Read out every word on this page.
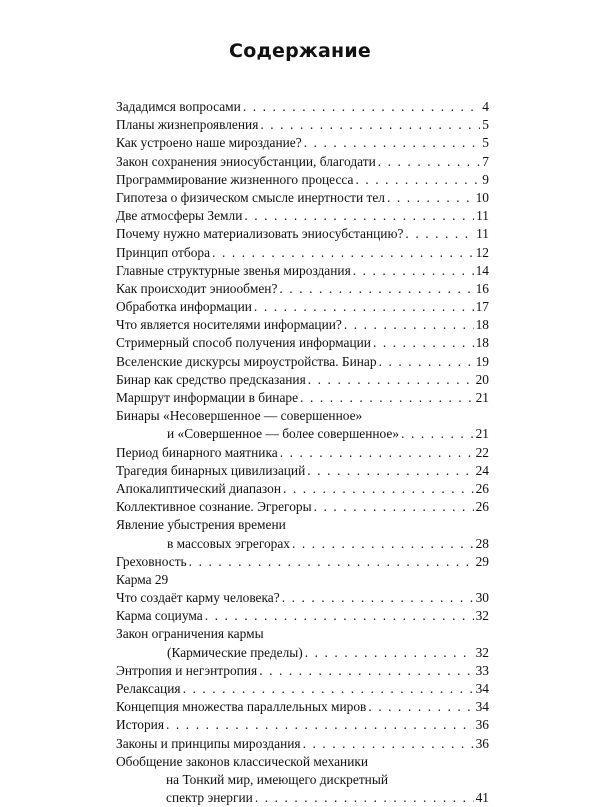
Содержание
Зададимся вопросами . . .	4
Планы жизнепроявления . . .	5
Как устроено наше мироздание? . . .	5
Закон сохранения эниосубстанции, благодати . . .	7
Программирование жизненного процесса . . .	9
Гипотеза о физическом смысле инертности тел . . .	10
Две атмосферы Земли . . .	11
Почему нужно материализовать эниосубстанцию? . . .	11
Принцип отбора . . .	12
Главные структурные звенья мироздания . . .	14
Как происходит эниообмен? . . .	16
Обработка информации . . .	17
Что является носителями информации? . . .	18
Стримерный способ получения информации . . .	18
Вселенские дискурсы мироустройства. Бинар . . .	19
Бинар как средство предсказания . . .	20
Маршрут информации в бинаре . . .	21
Бинары «Несовершенное — совершенное»
и «Совершенное — более совершенное» . . .	21
Период бинарного маятника . . .	22
Трагедия бинарных цивилизаций . . .	24
Апокалиптический диапазон . . .	26
Коллективное сознание. Эгрегоры . . .	26
Явление убыстрения времени
в массовых эгрегорах . . .	28
Греховность . . .	29
Карма 29
Что создаёт карму человека? . . .	30
Карма социума . . .	32
Закон ограничения кармы
(Кармические пределы) . . .	32
Энтропия и негэнтропия . . .	33
Релаксация . . .	34
Концепция множества параллельных миров . . .	34
История . . .	36
Законы и принципы мироздания . . .	36
Обобщение законов классической механики
на Тонкий мир, имеющего дискретный
спектр энергии . . .	41
